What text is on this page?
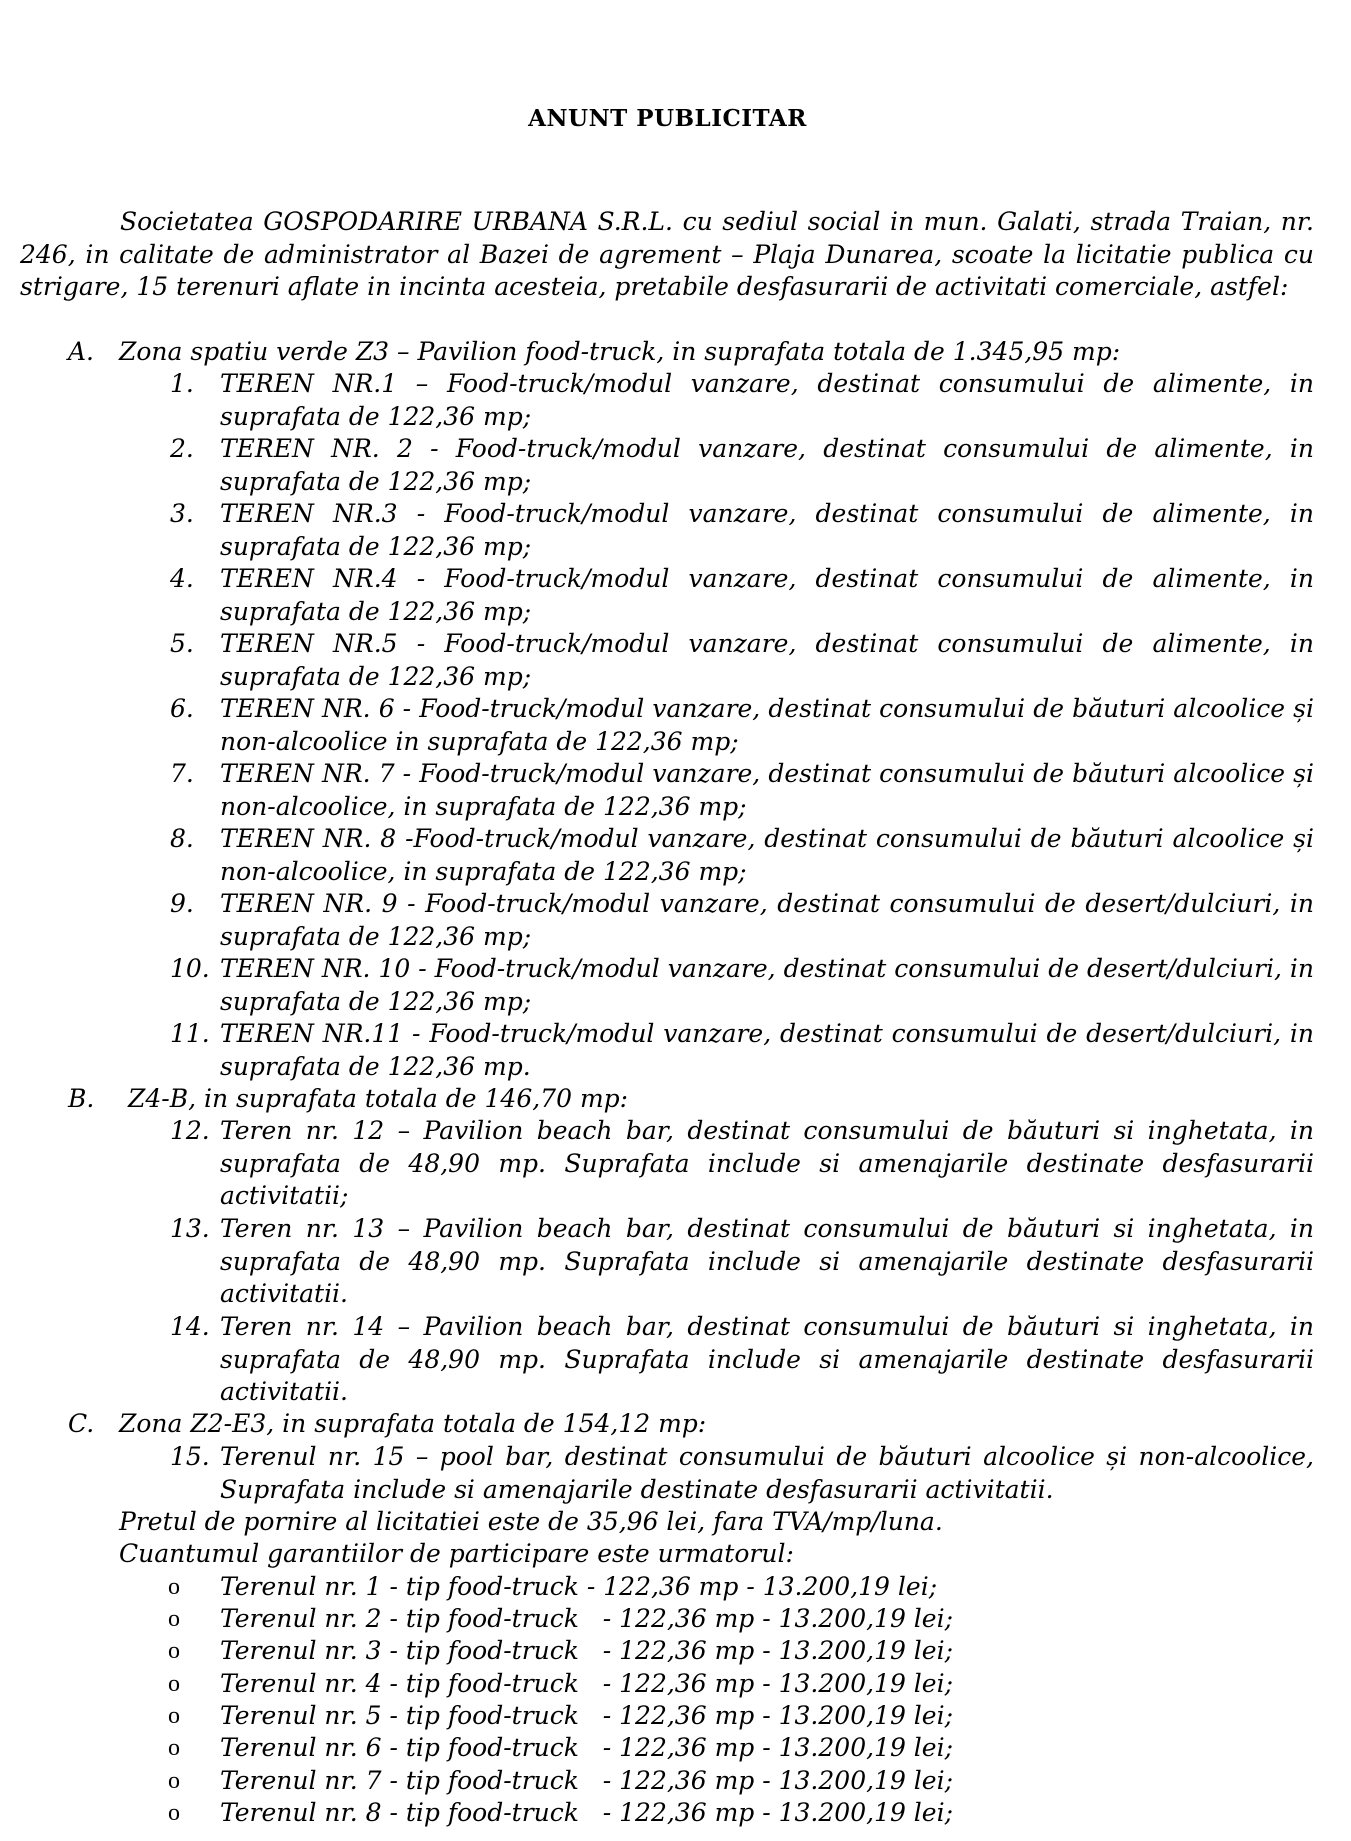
ANUNT PUBLICITAR
Societatea GOSPODARIRE URBANA S.R.L. cu sediul social in mun. Galati, strada Traian, nr. 246, in calitate de administrator al Bazei de agrement – Plaja Dunarea, scoate la licitatie publica cu strigare, 15 terenuri aflate in incinta acesteia, pretabile desfasurarii de activitati comerciale, astfel:
A. Zona spatiu verde Z3 – Pavilion food-truck, in suprafata totala de 1.345,95 mp:
1.	TEREN NR.1 – Food-truck/modul vanzare, destinat consumului de alimente, in suprafata de 122,36 mp;
2.	TEREN NR. 2 - Food-truck/modul vanzare, destinat consumului de alimente, in suprafata de 122,36 mp;
3.	TEREN NR.3 - Food-truck/modul vanzare, destinat consumului de alimente, in suprafata de 122,36 mp;
4.	TEREN NR.4 - Food-truck/modul vanzare, destinat consumului de alimente, in suprafata de 122,36 mp;
5.	TEREN NR.5 - Food-truck/modul vanzare, destinat consumului de alimente, in suprafata de 122,36 mp;
6.	TEREN NR. 6 - Food-truck/modul vanzare, destinat consumului de băuturi alcoolice și non-alcoolice in suprafata de 122,36 mp;
7.	TEREN NR. 7 - Food-truck/modul vanzare, destinat consumului de băuturi alcoolice și non-alcoolice, in suprafata de 122,36 mp;
8.	TEREN NR. 8 -Food-truck/modul vanzare, destinat consumului de băuturi alcoolice și non-alcoolice, in suprafata de 122,36 mp;
9.	TEREN NR. 9 - Food-truck/modul vanzare, destinat consumului de desert/dulciuri, in suprafata de 122,36 mp;
10. TEREN NR. 10 - Food-truck/modul vanzare, destinat consumului de desert/dulciuri, in suprafata de 122,36 mp;
11. TEREN NR.11 - Food-truck/modul vanzare, destinat consumului de desert/dulciuri, in suprafata de 122,36 mp.
B. Z4-B, in suprafata totala de 146,70 mp:
12. Teren nr. 12 – Pavilion beach bar, destinat consumului de băuturi si inghetata, in suprafata de 48,90 mp. Suprafata include si amenajarile destinate desfasurarii activitatii;
13. Teren nr. 13 – Pavilion beach bar, destinat consumului de băuturi si inghetata, in suprafata de 48,90 mp. Suprafata include si amenajarile destinate desfasurarii activitatii.
14. Teren nr. 14 – Pavilion beach bar, destinat consumului de băuturi si inghetata, in suprafata de 48,90 mp. Suprafata include si amenajarile destinate desfasurarii activitatii.
C. Zona Z2-E3, in suprafata totala de 154,12 mp:
15. Terenul nr. 15 – pool bar, destinat consumului de băuturi alcoolice și non-alcoolice, Suprafata include si amenajarile destinate desfasurarii activitatii.
Pretul de pornire al licitatiei este de 35,96 lei, fara TVA/mp/luna.
Cuantumul garantiilor de participare este urmatorul:
o Terenul nr. 1 - tip food-truck - 122,36 mp - 13.200,19 lei;
o Terenul nr. 2 - tip food-truck   - 122,36 mp - 13.200,19 lei;
o Terenul nr. 3 - tip food-truck   - 122,36 mp - 13.200,19 lei;
o Terenul nr. 4 - tip food-truck   - 122,36 mp - 13.200,19 lei;
o Terenul nr. 5 - tip food-truck   - 122,36 mp - 13.200,19 lei;
o Terenul nr. 6 - tip food-truck   - 122,36 mp - 13.200,19 lei;
o Terenul nr. 7 - tip food-truck   - 122,36 mp - 13.200,19 lei;
o Terenul nr. 8 - tip food-truck   - 122,36 mp - 13.200,19 lei;
